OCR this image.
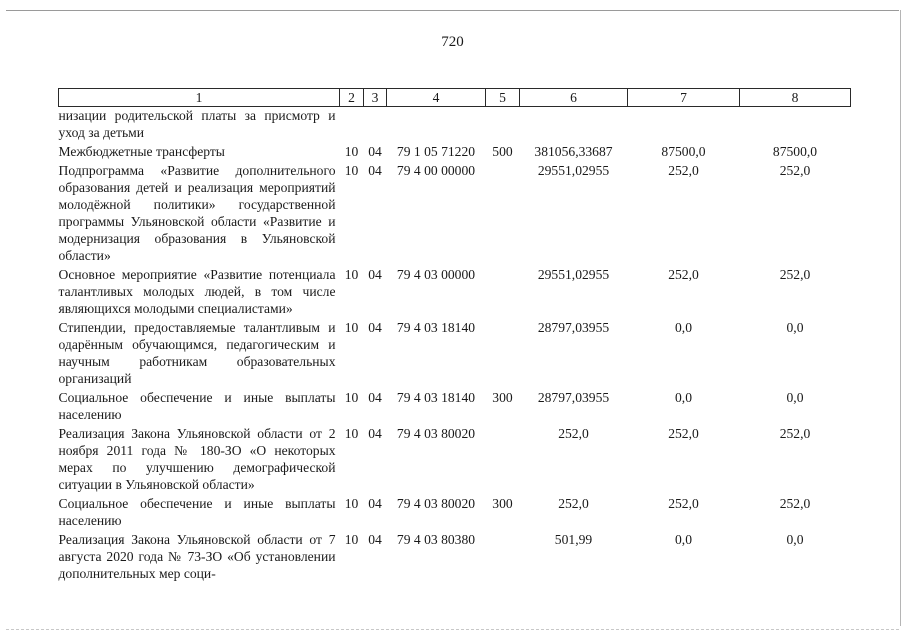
720
1	2	3	4	5	6	7	8
низации родительской платы за присмотр и уход за детьми							
Межбюджетные трансферты	10	04	79 1 05 71220	500	381056,33687	87500,0	87500,0
Подпрограмма «Развитие дополнительного образования детей и реализация мероприятий молодёжной политики» государственной программы Ульяновской области «Развитие и модернизация образования в Ульяновской области»	10	04	79 4 00 00000		29551,02955	252,0	252,0
Основное мероприятие «Развитие потенциала талантливых молодых людей, в том числе являющихся молодыми специалистами»	10	04	79 4 03 00000		29551,02955	252,0	252,0
Стипендии, предоставляемые талантливым и одарённым обучающимся, педагогическим и научным работникам образовательных организаций	10	04	79 4 03 18140		28797,03955	0,0	0,0
Социальное обеспечение и иные выплаты населению	10	04	79 4 03 18140	300	28797,03955	0,0	0,0
Реализация Закона Ульяновской области от 2 ноября 2011 года № 180-ЗО «О некоторых мерах по улучшению демографической ситуации в Ульяновской области»	10	04	79 4 03 80020		252,0	252,0	252,0
Социальное обеспечение и иные выплаты населению	10	04	79 4 03 80020	300	252,0	252,0	252,0
Реализация Закона Ульяновской области от 7 августа 2020 года № 73-ЗО «Об установлении дополнительных мер соци-	10	04	79 4 03 80380		501,99	0,0	0,0
